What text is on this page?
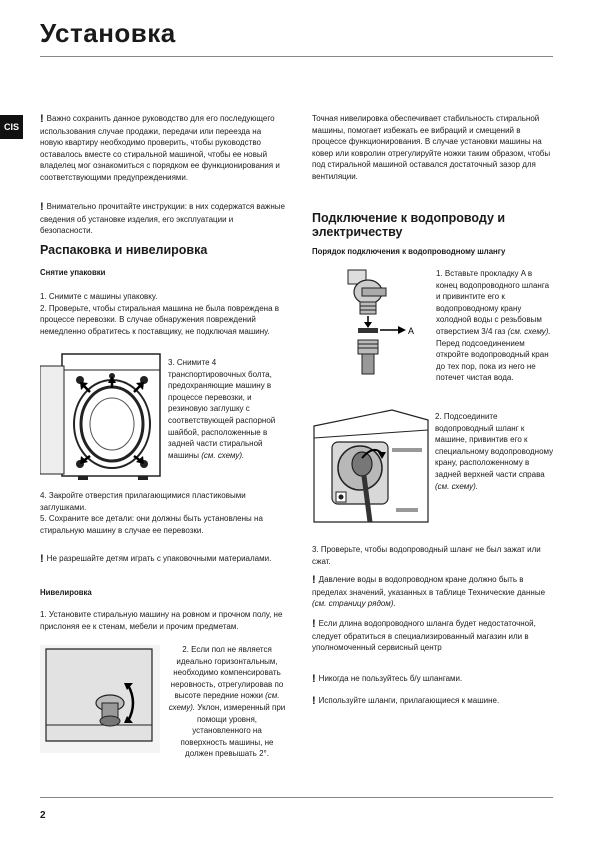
Установка
CIS

! Важно сохранить данное руководство для его последующего использования случае продажи, передачи или переезда на новую квартиру необходимо проверить, чтобы руководство оставалось вместе со стиральной машиной, чтобы ее новый владелец мог ознакомиться с порядком ее функционирования и соответствующими предупреждениями.

! Внимательно прочитайте инструкции: в них содержатся важные сведения об установке изделия, его эксплуатации и безопасности.

Распаковка и нивелировка
Снятие упаковки

1. Снимите с машины упаковку.
2. Проверьте, чтобы стиральная машина не была повреждена в процессе перевозки. В случае обнаружения повреждений немедленно обратитесь к поставщику, не подключая машину.

3. Снимите 4 транспортировочных болта, предохраняющие машину в процессе перевозки, и резиновую заглушку с соответствующей распорной шайбой, расположенные в задней части стиральной машины (см. схему).

4. Закройте отверстия прилагающимися пластиковыми заглушками.
5. Сохраните все детали: они должны быть установлены на стиральную машину в случае ее перевозки.

! Не разрешайте детям играть с упаковочными материалами.

Нивелировка

1. Установите стиральную машину на ровном и прочном полу, не прислоняя ее к стенам, мебели и прочим предметам.

2. Если пол не является идеально горизонтальным, необходимо компенсировать неровность, отрегулировав по высоте передние ножки (см. схему). Уклон, измеренный при помощи уровня, установленного на поверхность машины, не должен превышать 2°.

Точная нивелировка обеспечивает стабильность стиральной машины, помогает избежать ее вибраций и смещений в процессе функционирования. В случае установки машины на ковер или ковролин отрегулируйте ножки таким образом, чтобы под стиральной машиной оставался достаточный зазор для вентиляции.

Подключение к водопроводу и электричеству
Порядок подключения к водопроводному шлангу
A

1. Вставьте прокладку A в конец водопроводного шланга и привинтите его к водопроводному крану холодной воды с резьбовым отверстием 3/4 газ (см. схему). Перед подсоединением откройте водопроводный кран до тех пор, пока из него не потечет чистая вода.

2. Подсоедините водопроводный шланг к машине, привинтив его к специальному водопроводному крану, расположенному в задней верхней части справа (см. схему).

3. Проверьте, чтобы водопроводный шланг не был зажат или сжат.

! Давление воды в водопроводном кране должно быть в пределах значений, указанных в таблице Технические данные (см. страницу рядом).

! Если длина водопроводного шланга будет недостаточной, следует обратиться в специализированный магазин или в уполномоченный сервисный центр

! Никогда не пользуйтесь б/у шлангами.

! Используйте шланги, прилагающиеся к машине.

2
